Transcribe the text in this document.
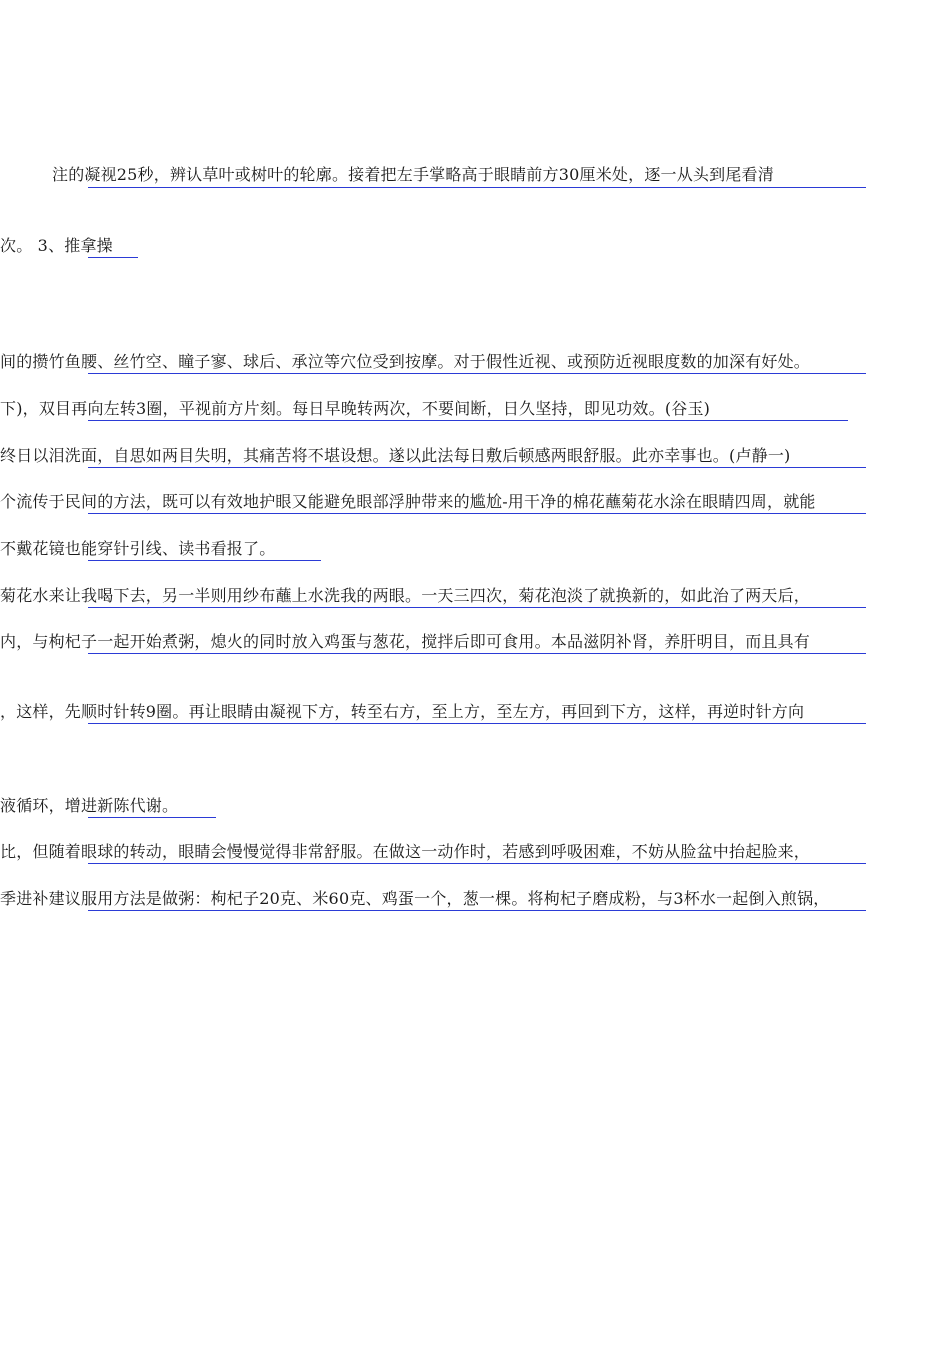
注的凝视25秒，辨认草叶或树叶的轮廓。接着把左手掌略高于眼睛前方30厘米处，逐一从头到尾看清
次。 3、推拿操
间的攒竹鱼腰、丝竹空、瞳子寥、球后、承泣等穴位受到按摩。对于假性近视、或预防近视眼度数的加深有好处。
下)，双目再向左转3圈，平视前方片刻。每日早晚转两次，不要间断，日久坚持，即见功效。(谷玉)
终日以泪洗面，自思如两目失明，其痛苦将不堪设想。遂以此法每日敷后顿感两眼舒服。此亦幸事也。(卢静一)
个流传于民间的方法，既可以有效地护眼又能避免眼部浮肿带来的尴尬-用干净的棉花蘸菊花水涂在眼睛四周，就能
不戴花镜也能穿针引线、读书看报了。
菊花水来让我喝下去，另一半则用纱布蘸上水洗我的两眼。一天三四次，菊花泡淡了就换新的，如此治了两天后，
内，与枸杞子一起开始煮粥，熄火的同时放入鸡蛋与葱花，搅拌后即可食用。本品滋阴补肾，养肝明目，而且具有
，这样，先顺时针转9圈。再让眼睛由凝视下方，转至右方，至上方，至左方，再回到下方，这样，再逆时针方向
液循环，增进新陈代谢。
比，但随着眼球的转动，眼睛会慢慢觉得非常舒服。在做这一动作时，若感到呼吸困难，不妨从脸盆中抬起脸来，
季进补建议服用方法是做粥：枸杞子20克、米60克、鸡蛋一个，葱一棵。将枸杞子磨成粉，与3杯水一起倒入煎锅，
